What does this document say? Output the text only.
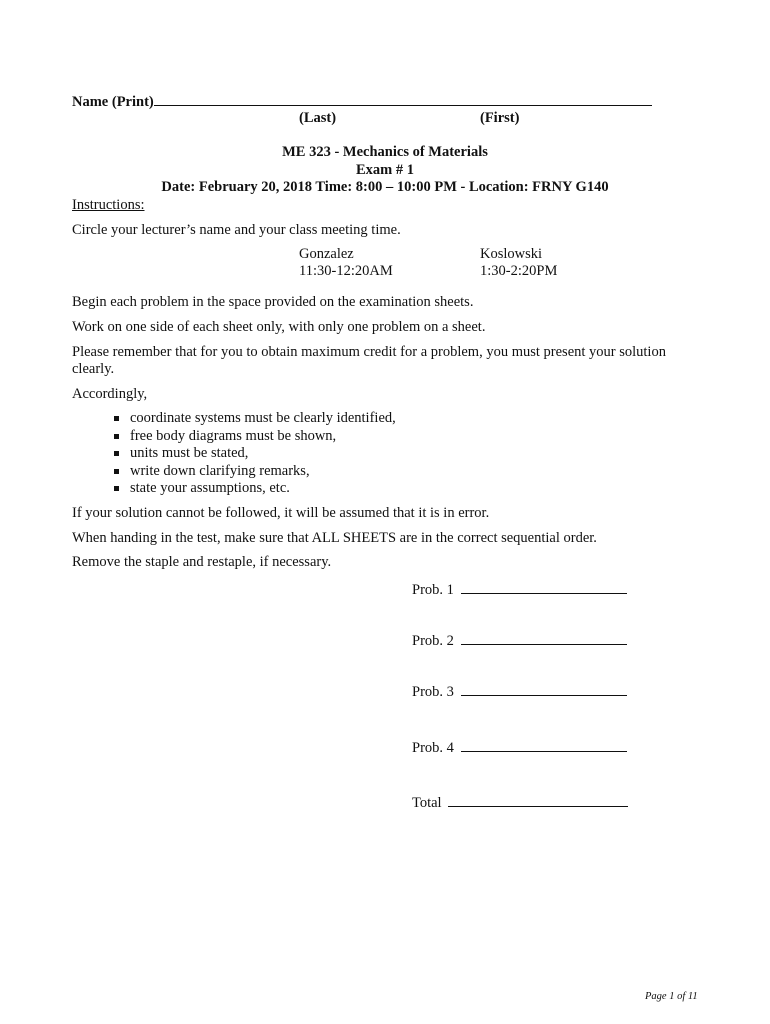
Name (Print)
(Last)	(First)
ME 323 - Mechanics of Materials
Exam # 1
Date: February 20, 2018 Time: 8:00 – 10:00 PM - Location: FRNY G140
Instructions:
Circle your lecturer’s name and your class meeting time.
Gonzalez
11:30-12:20AM
Koslowski
1:30-2:20PM
Begin each problem in the space provided on the examination sheets.
Work on one side of each sheet only, with only one problem on a sheet.
Please remember that for you to obtain maximum credit for a problem, you must present your solution clearly.
Accordingly,
coordinate systems must be clearly identified,
free body diagrams must be shown,
units must be stated,
write down clarifying remarks,
state your assumptions, etc.
If your solution cannot be followed, it will be assumed that it is in error.
When handing in the test, make sure that ALL SHEETS are in the correct sequential order.
Remove the staple and restaple, if necessary.
Prob. 1
Prob. 2
Prob. 3
Prob. 4
Total
Page 1 of 11
